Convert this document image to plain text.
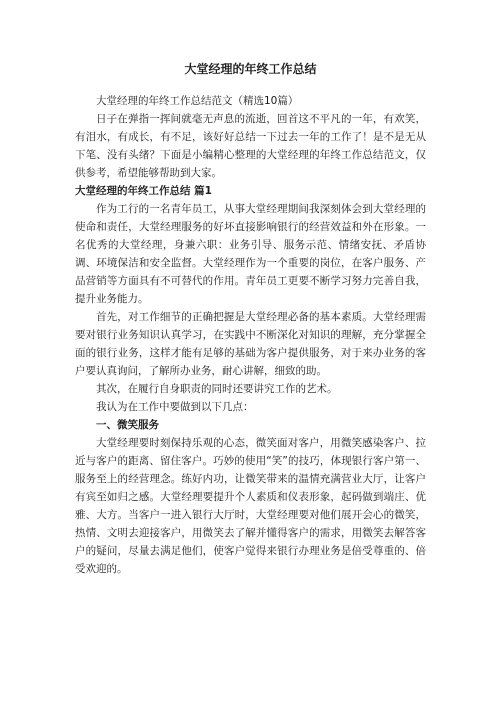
大堂经理的年终工作总结

大堂经理的年终工作总结范文（精选10篇）

日子在弹指一挥间就毫无声息的流逝，回首这不平凡的一年，有欢笑，有泪水，有成长，有不足，该好好总结一下过去一年的工作了！是不是无从下笔、没有头绪？下面是小编精心整理的大堂经理的年终工作总结范文，仅供参考，希望能够帮助到大家。

大堂经理的年终工作总结 篇1

作为工行的一名青年员工，从事大堂经理期间我深刻体会到大堂经理的使命和责任，大堂经理服务的好坏直接影响银行的经营效益和外在形象。一名优秀的大堂经理，身兼六职：业务引导、服务示范、情绪安抚、矛盾协调、环境保洁和安全监督。大堂经理作为一个重要的岗位，在客户服务、产品营销等方面具有不可替代的作用。青年员工更要不断学习努力完善自我，提升业务能力。

首先，对工作细节的正确把握是大堂经理必备的基本素质。大堂经理需要对银行业务知识认真学习，在实践中不断深化对知识的理解，充分掌握全面的银行业务，这样才能有足够的基础为客户提供服务，对于来办业务的客户要认真询问，了解所办业务，耐心讲解，细致的助。

其次，在履行自身职责的同时还要讲究工作的艺术。

我认为在工作中要做到以下几点：

一、微笑服务

大堂经理要时刻保持乐观的心态，微笑面对客户，用微笑感染客户、拉近与客户的距离、留住客户。巧妙的使用“笑”的技巧，体现银行客户第一、服务至上的经营理念。练好内功，让微笑带来的温情充满营业大厅，让客户有宾至如归之感。大堂经理要提升个人素质和仪表形象，起码做到端庄、优雅、大方。当客户一进入银行大厅时，大堂经理要对他们展开会心的微笑，热情、文明去迎接客户，用微笑去了解并懂得客户的需求，用微笑去解答客户的疑问，尽量去满足他们，使客户觉得来银行办理业务是倍受尊重的、倍受欢迎的。
